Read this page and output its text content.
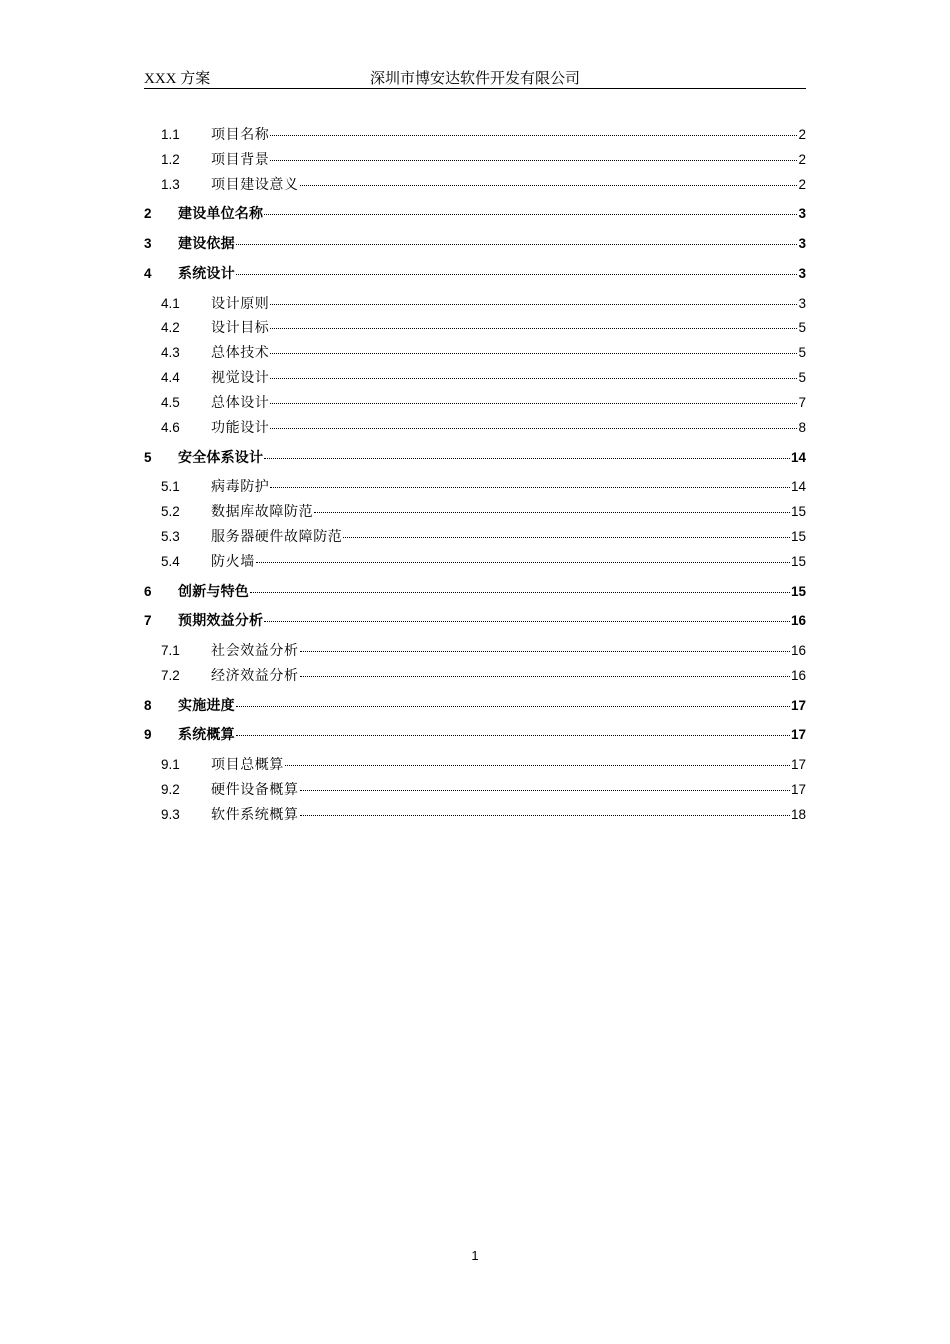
XXX 方案	深圳市博安达软件开发有限公司
1.1	项目名称	2
1.2	项目背景	2
1.3	项目建设意义	2
2	建设单位名称	3
3	建设依据	3
4	系统设计	3
4.1	设计原则	3
4.2	设计目标	5
4.3	总体技术	5
4.4	视觉设计	5
4.5	总体设计	7
4.6	功能设计	8
5	安全体系设计	14
5.1	病毒防护	14
5.2	数据库故障防范	15
5.3	服务器硬件故障防范	15
5.4	防火墙	15
6	创新与特色	15
7	预期效益分析	16
7.1	社会效益分析	16
7.2	经济效益分析	16
8	实施进度	17
9	系统概算	17
9.1	项目总概算	17
9.2	硬件设备概算	17
9.3	软件系统概算	18
1
